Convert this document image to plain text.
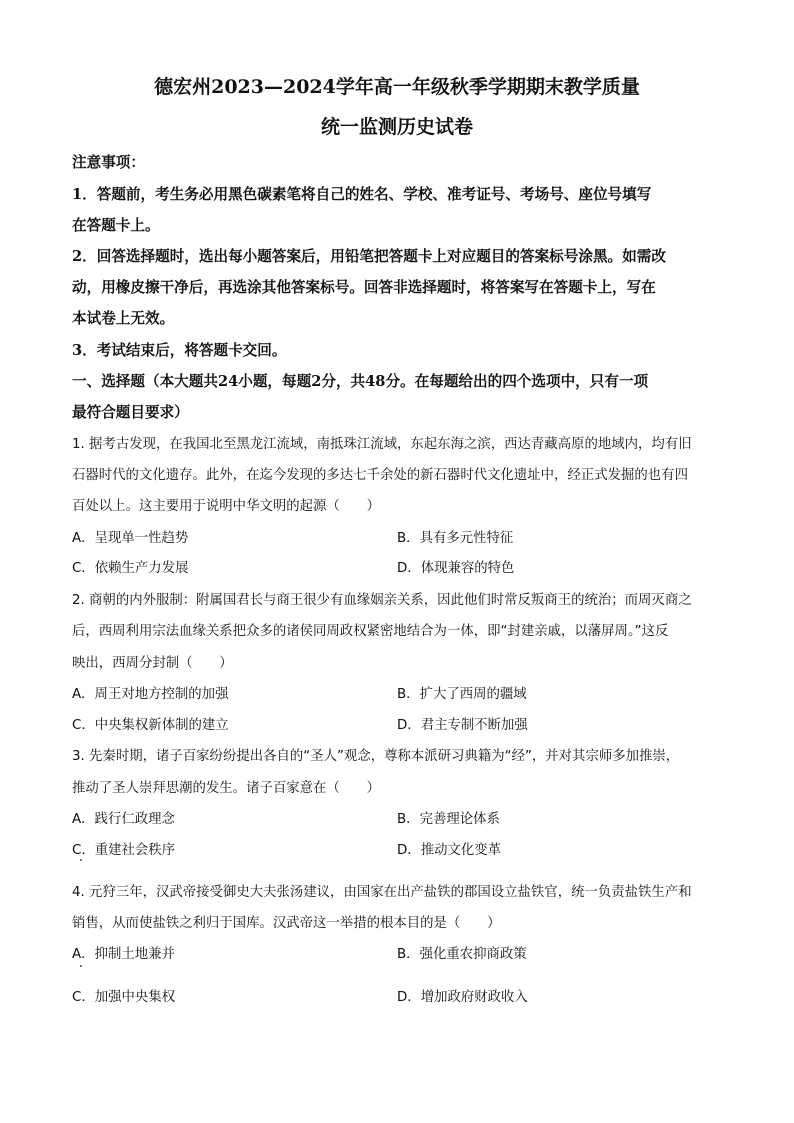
德宏州2023—2024学年高一年级秋季学期期末教学质量
统一监测历史试卷
注意事项：
1．答题前，考生务必用黑色碳素笔将自己的姓名、学校、准考证号、考场号、座位号填写
在答题卡上。
2．回答选择题时，选出每小题答案后，用铅笔把答题卡上对应题目的答案标号涂黑。如需改
动，用橡皮擦干净后，再选涂其他答案标号。回答非选择题时，将答案写在答题卡上，写在
本试卷上无效。
3．考试结束后，将答题卡交回。
一、选择题（本大题共24小题，每题2分，共48分。在每题给出的四个选项中，只有一项
最符合题目要求）
1. 据考古发现，在我国北至黑龙江流域，南抵珠江流域，东起东海之滨，西达青藏高原的地域内，均有旧
石器时代的文化遗存。此外，在迄今发现的多达七千余处的新石器时代文化遗址中，经正式发掘的也有四
百处以上。这主要用于说明中华文明的起源（　　）
A．呈现单一性趋势	B．具有多元性特征
C．依赖生产力发展	D．体现兼容的特色
2. 商朝的内外服制：附属国君长与商王很少有血缘姻亲关系，因此他们时常反叛商王的统治；而周灭商之
后，西周利用宗法血缘关系把众多的诸侯同周政权紧密地结合为一体，即“封建亲戚，以藩屏周。”这反
映出，西周分封制（　　）
A．周王对地方控制的加强	B．扩大了西周的疆域
C．中央集权新体制的建立	D．君主专制不断加强
3. 先秦时期，诸子百家纷纷提出各自的“圣人”观念，尊称本派研习典籍为“经”，并对其宗师多加推崇，
推动了圣人崇拜思潮的发生。诸子百家意在（　　）
A．践行仁政理念	B．完善理论体系
C．重建社会秩序	D．推动文化变革
4. 元狩三年，汉武帝接受御史大夫张汤建议，由国家在出产盐铁的郡国设立盐铁官，统一负责盐铁生产和
销售，从而使盐铁之利归于国库。汉武帝这一举措的根本目的是（　　）
A．抑制土地兼并	B．强化重农抑商政策
C．加强中央集权	D．增加政府财政收入
